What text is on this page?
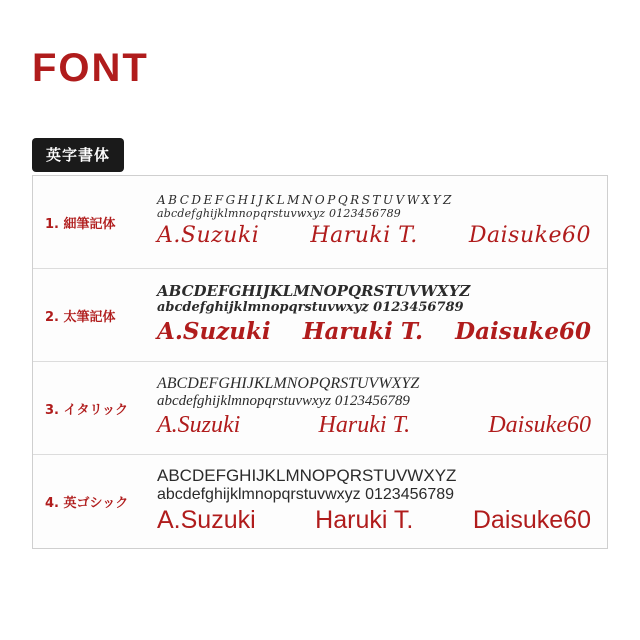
FONT
英字書体
1. 細筆記体
ABCDEFGHIJKLMNOPQRSTUVWXYZ
abcdefghijklmnopqrstuvwxyz 0123456789
A.Suzuki Haruki T. Daisuke60
2. 太筆記体
ABCDEFGHIJKLMNOPQRSTUVWXYZ
abcdefghijklmnopqrstuvwxyz 0123456789
A.Suzuki Haruki T. Daisuke60
3. イタリック
ABCDEFGHIJKLMNOPQRSTUVWXYZ
abcdefghijklmnopqrstuvwxyz 0123456789
A.Suzuki	Haruki T.	Daisuke60
4. 英ゴシック
ABCDEFGHIJKLMNOPQRSTUVWXYZ
abcdefghijklmnopqrstuvwxyz 0123456789
A.Suzuki Haruki T. Daisuke60
